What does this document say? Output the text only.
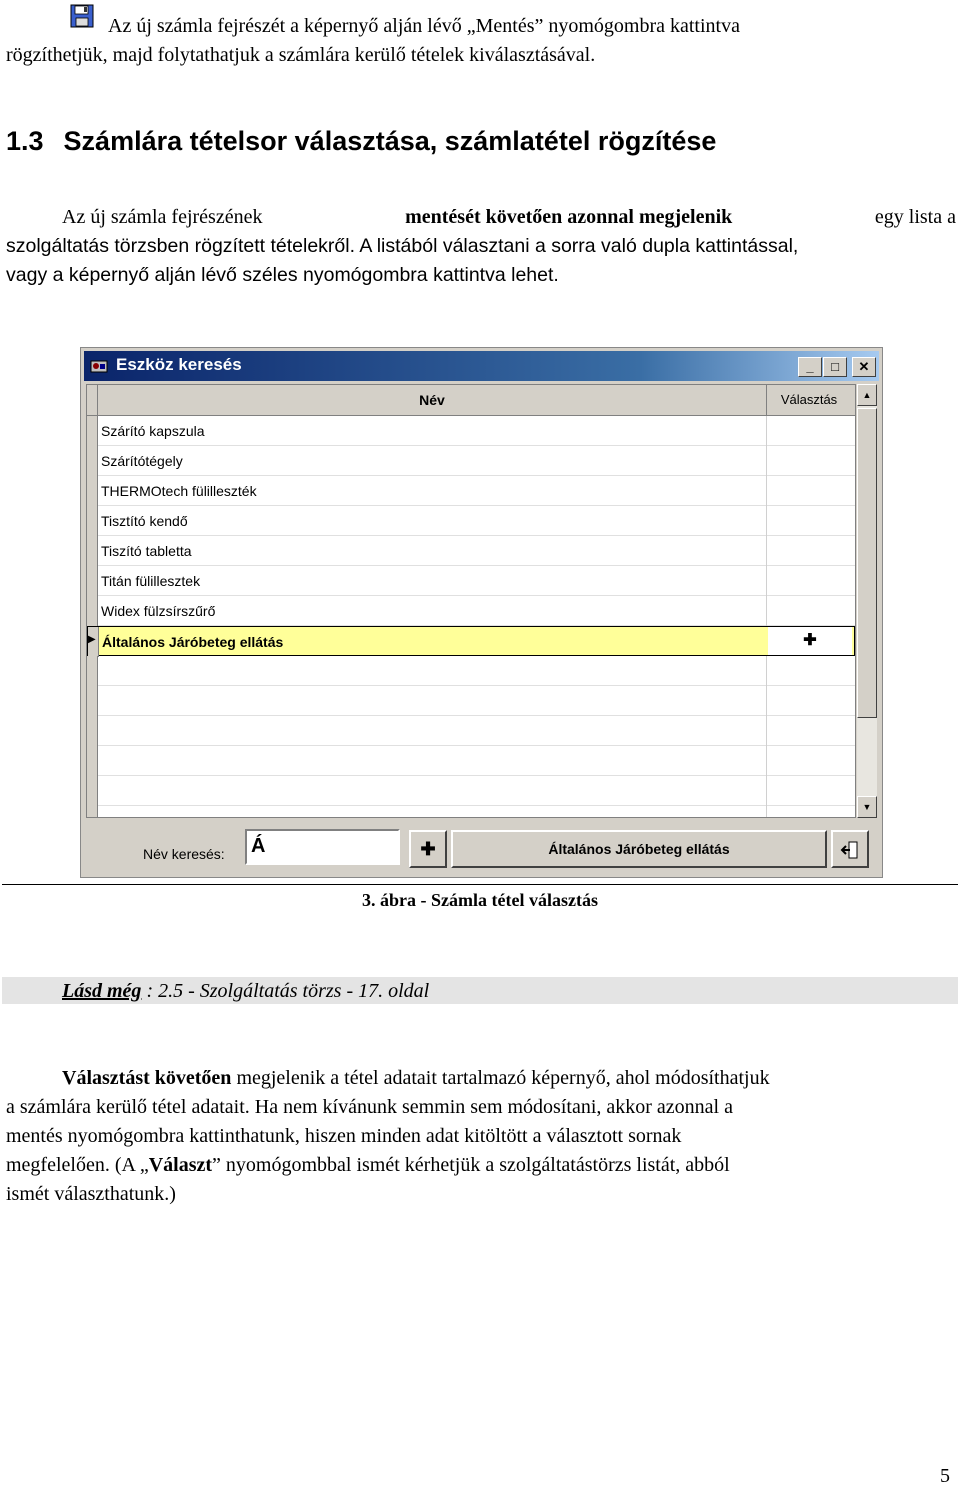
Az új számla fejrészét a képernyő alján lévő „Mentés” nyomógombra kattintva
rögzíthetjük, majd folytathatjuk a számlára kerülő tételek kiválasztásával.
1.3 Számlára tételsor választása, számlatétel rögzítése
Az új számla fejrészének	mentését követően azonnal megjelenik	egy lista a
szolgáltatás törzsben rögzített tételekről. A listából választani a sorra való dupla kattintással,
vagy a képernyő alján lévő széles nyomógombra kattintva lehet.
Eszköz keresés	_	□	✕
Név	Választás
Szárító kapszula
Szárítótégely
THERMOtech fülilleszték
Tisztító kendő
Tiszító tabletta
Titán fülillesztek
Widex fülzsírszűrő
▶
Általános Járóbeteg ellátás	✚
▲
▼
Név keresés:	Á	✚	Általános Járóbeteg ellátás
3. ábra - Számla tétel választás
Lásd még : 2.5 - Szolgáltatás törzs - 17. oldal
Választást követően megjelenik a tétel adatait tartalmazó képernyő, ahol módosíthatjuk
a számlára kerülő tétel adatait. Ha nem kívánunk semmin sem módosítani, akkor azonnal a
mentés nyomógombra kattinthatunk, hiszen minden adat kitöltött a választott sornak
megfelelően. (A „Választ” nyomógombbal ismét kérhetjük a szolgáltatástörzs listát, abból
ismét választhatunk.)
5
